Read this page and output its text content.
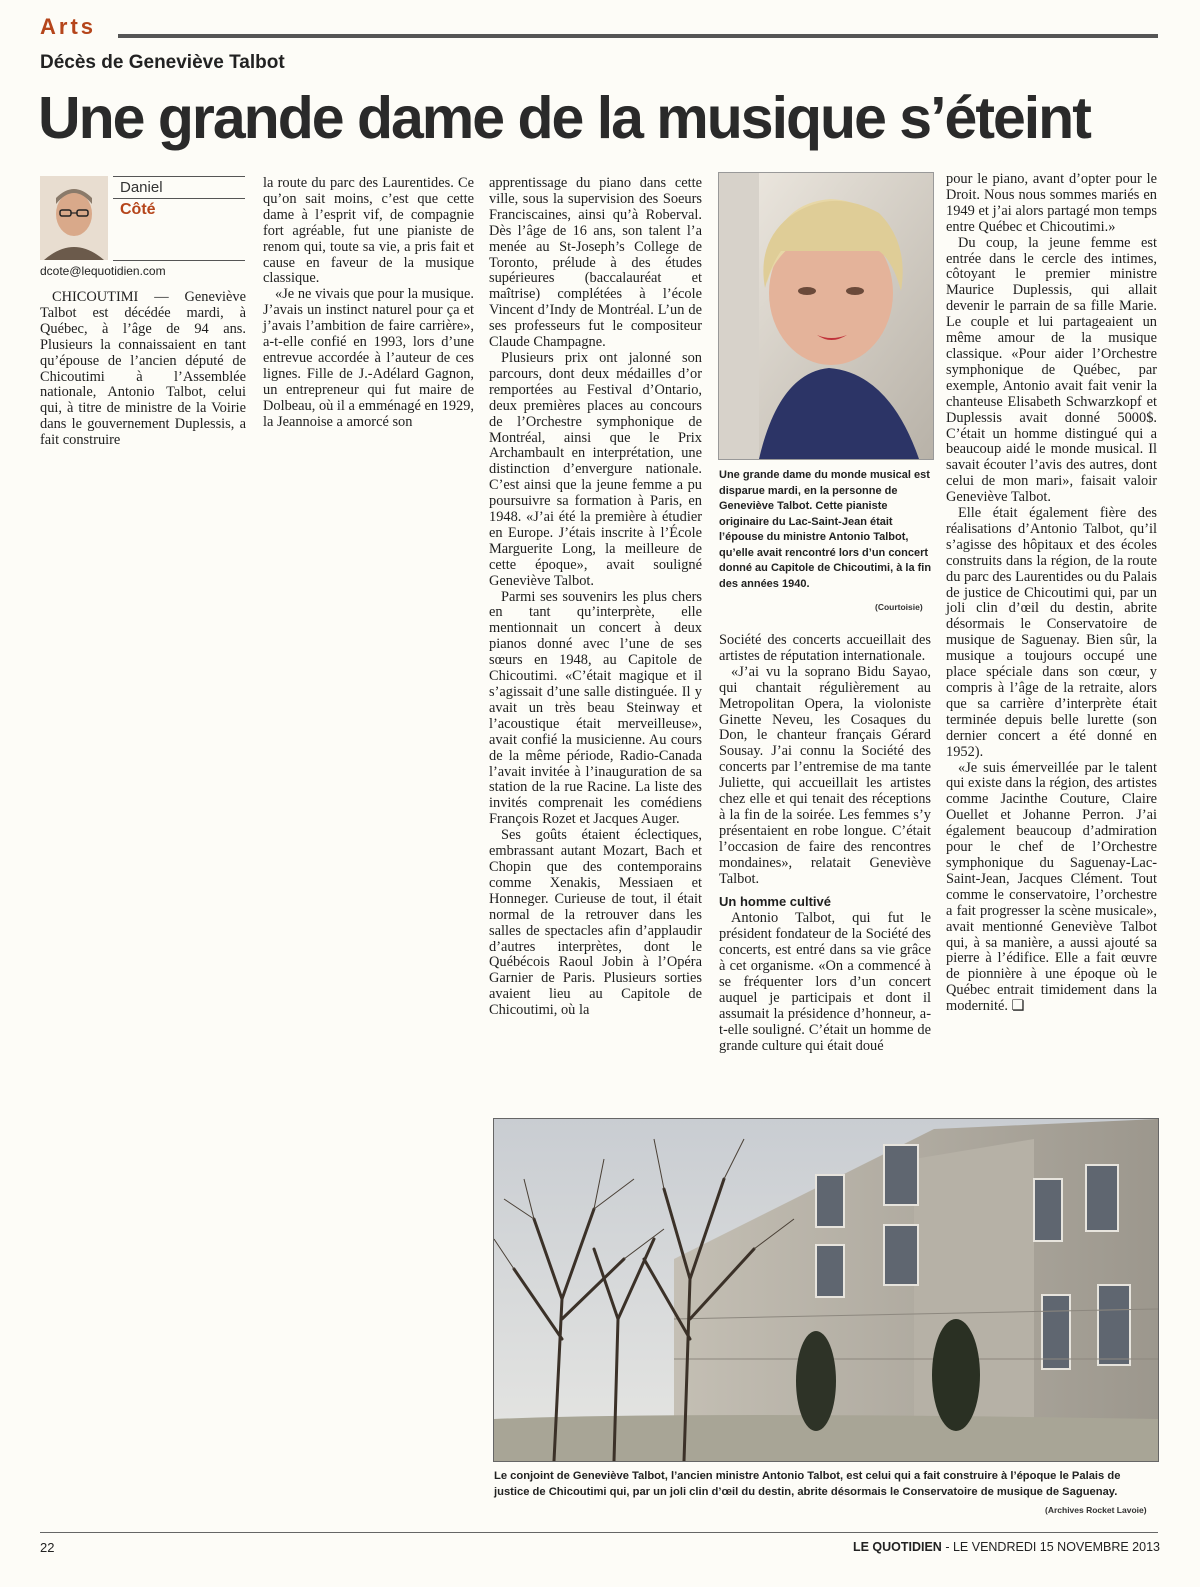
Arts
Décès de Geneviève Talbot
Une grande dame de la musique s’éteint
Daniel
Côté
dcote@lequotidien.com

CHICOUTIMI — Geneviève Talbot est décédée mardi, à Québec, à l’âge de 94 ans. Plusieurs la connaissaient en tant qu’épouse de l’ancien député de Chicoutimi à l’Assemblée nationale, Antonio Talbot, celui qui, à titre de ministre de la Voirie dans le gouvernement Duplessis, a fait construire

la route du parc des Laurentides. Ce qu’on sait moins, c’est que cette dame à l’esprit vif, de compagnie fort agréable, fut une pianiste de renom qui, toute sa vie, a pris fait et cause en faveur de la musique classique.

«Je ne vivais que pour la musique. J’avais un instinct naturel pour ça et j’avais l’ambition de faire carrière», a-t-elle confié en 1993, lors d’une entrevue accordée à l’auteur de ces lignes. Fille de J.-Adélard Gagnon, un entrepreneur qui fut maire de Dolbeau, où il a emménagé en 1929, la Jeannoise a amorcé son

apprentissage du piano dans cette ville, sous la supervision des Soeurs Franciscaines, ainsi qu’à Roberval. Dès l’âge de 16 ans, son talent l’a menée au St-Joseph’s College de Toronto, prélude à des études supérieures (baccalauréat et maîtrise) complétées à l’école Vincent d’Indy de Montréal. L’un de ses professeurs fut le compositeur Claude Champagne.

Plusieurs prix ont jalonné son parcours, dont deux médailles d’or remportées au Festival d’Ontario, deux premières places au concours de l’Orchestre symphonique de Montréal, ainsi que le Prix Archambault en interprétation, une distinction d’envergure nationale. C’est ainsi que la jeune femme a pu poursuivre sa formation à Paris, en 1948. «J’ai été la première à étudier en Europe. J’étais inscrite à l’École Marguerite Long, la meilleure de cette époque», avait souligné Geneviève Talbot.

Parmi ses souvenirs les plus chers en tant qu’interprète, elle mentionnait un concert à deux pianos donné avec l’une de ses sœurs en 1948, au Capitole de Chicoutimi. «C’était magique et il s’agissait d’une salle distinguée. Il y avait un très beau Steinway et l’acoustique était merveilleuse», avait confié la musicienne. Au cours de la même période, Radio-Canada l’avait invitée à l’inauguration de sa station de la rue Racine. La liste des invités comprenait les comédiens François Rozet et Jacques Auger.

Ses goûts étaient éclectiques, embrassant autant Mozart, Bach et Chopin que des contemporains comme Xenakis, Messiaen et Honneger. Curieuse de tout, il était normal de la retrouver dans les salles de spectacles afin d’applaudir d’autres interprètes, dont le Québécois Raoul Jobin à l’Opéra Garnier de Paris. Plusieurs sorties avaient lieu au Capitole de Chicoutimi, où la

Une grande dame du monde musical est disparue mardi, en la personne de Geneviève Talbot. Cette pianiste originaire du Lac-Saint-Jean était l’épouse du ministre Antonio Talbot, qu’elle avait rencontré lors d’un concert donné au Capitole de Chicoutimi, à la fin des années 1940.
(Courtoisie)

Société des concerts accueillait des artistes de réputation internationale.

«J’ai vu la soprano Bidu Sayao, qui chantait régulièrement au Metropolitan Opera, la violoniste Ginette Neveu, les Cosaques du Don, le chanteur français Gérard Sousay. J’ai connu la Société des concerts par l’entremise de ma tante Juliette, qui accueillait les artistes chez elle et qui tenait des réceptions à la fin de la soirée. Les femmes s’y présentaient en robe longue. C’était l’occasion de faire des rencontres mondaines», relatait Geneviève Talbot.

Un homme cultivé

Antonio Talbot, qui fut le président fondateur de la Société des concerts, est entré dans sa vie grâce à cet organisme. «On a commencé à se fréquenter lors d’un concert auquel je participais et dont il assumait la présidence d’honneur, a-t-elle souligné. C’était un homme de grande culture qui était doué

pour le piano, avant d’opter pour le Droit. Nous nous sommes mariés en 1949 et j’ai alors partagé mon temps entre Québec et Chicoutimi.»

Du coup, la jeune femme est entrée dans le cercle des intimes, côtoyant le premier ministre Maurice Duplessis, qui allait devenir le parrain de sa fille Marie. Le couple et lui partageaient un même amour de la musique classique. «Pour aider l’Orchestre symphonique de Québec, par exemple, Antonio avait fait venir la chanteuse Elisabeth Schwarzkopf et Duplessis avait donné 5000$. C’était un homme distingué qui a beaucoup aidé le monde musical. Il savait écouter l’avis des autres, dont celui de mon mari», faisait valoir Geneviève Talbot.

Elle était également fière des réalisations d’Antonio Talbot, qu’il s’agisse des hôpitaux et des écoles construits dans la région, de la route du parc des Laurentides ou du Palais de justice de Chicoutimi qui, par un joli clin d’œil du destin, abrite désormais le Conservatoire de musique de Saguenay. Bien sûr, la musique a toujours occupé une place spéciale dans son cœur, y compris à l’âge de la retraite, alors que sa carrière d’interprète était terminée depuis belle lurette (son dernier concert a été donné en 1952).

«Je suis émerveillée par le talent qui existe dans la région, des artistes comme Jacinthe Couture, Claire Ouellet et Johanne Perron. J’ai également beaucoup d’admiration pour le chef de l’Orchestre symphonique du Saguenay-Lac-Saint-Jean, Jacques Clément. Tout comme le conservatoire, l’orchestre a fait progresser la scène musicale», avait mentionné Geneviève Talbot qui, à sa manière, a aussi ajouté sa pierre à l’édifice. Elle a fait œuvre de pionnière à une époque où le Québec entrait timidement dans la modernité. ❏

Le conjoint de Geneviève Talbot, l’ancien ministre Antonio Talbot, est celui qui a fait construire à l’époque le Palais de justice de Chicoutimi qui, par un joli clin d’œil du destin, abrite désormais le Conservatoire de musique de Saguenay.
(Archives Rocket Lavoie)
22	LE QUOTIDIEN - LE VENDREDI 15 NOVEMBRE 2013
